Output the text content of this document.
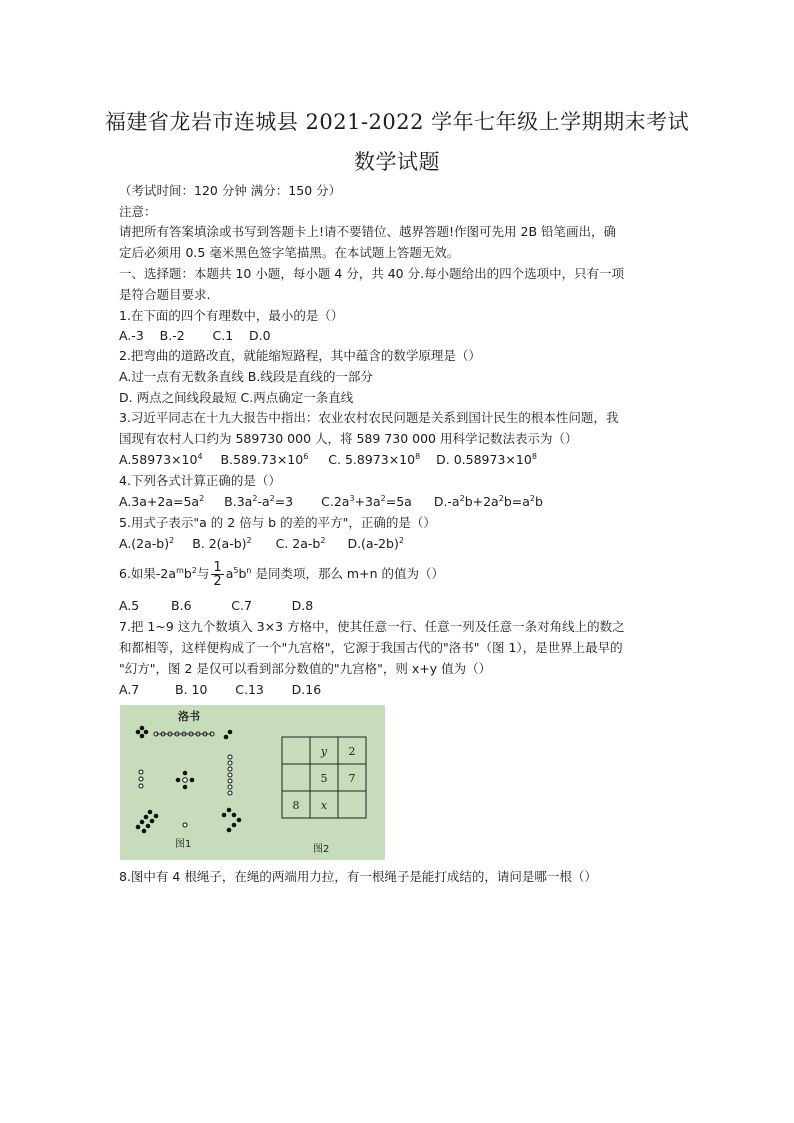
福建省龙岩市连城县 2021-2022 学年七年级上学期期末考试
数学试题
（考试时间：120 分钟 满分：150 分）
注意：
请把所有答案填涂或书写到答题卡上!请不要错位、越界答题!作图可先用 2B 铅笔画出，确
定后必须用 0.5 毫米黑色签字笔描黑。在本试题上答题无效。
一、选择题：本题共 10 小题，每小题 4 分，共 40 分.每小题给出的四个选项中，只有一项
是符合题目要求.
1.在下面的四个有理数中，最小的是（）
A.-3    B.-2       C.1    D.0
2.把弯曲的道路改直，就能缩短路程，其中蕴含的数学原理是（）
A.过一点有无数条直线 B.线段是直线的一部分
D. 两点之间线段最短 C.两点确定一条直线
3.习近平同志在十九大报告中指出：农业农村农民问题是关系到国计民生的根本性问题，我
国现有农村人口约为 589730 000 人，将 589 730 000 用科学记数法表示为（）
$A.58973\times 10^4$ $B.589.73\times 10^6$ C. $5.8973\times 10^8$ D. $0.58973\times 10^8$
4.下列各式计算正确的是（）
$A.3a+2a=5a^2$ $B.3a^2-a^2=3$ $C.2a^3+3a^2=5a$ $D.-a^2b+2a^2b=a^2b$
5.用式子表示"a 的 2 倍与 b 的差的平方"，正确的是（）
$A.(2a-b)^2$ B. $2(a-b)^2$ C. $2a-b^2$ $D.(a-2b)^2$
6.如果$-2a^mb^2$与 $\frac{1}{2} a^5b^n$ 是同类项，那么 m+n 的值为（）
A.5        B.6          C.7          D.8
7.把 1~9 这九个数填入 3×3 方格中，使其任意一行、任意一列及任意一条对角线上的数之
和都相等，这样便构成了一个"九宫格"，它源于我国古代的"洛书"（图 1），是世界上最早的
"幻方"，图 2 是仅可以看到部分数值的"九宫格"，则 x+y 值为（）
A.7         B. 10       C.13       D.16
洛书
图1
y 2
5 7
8 x
图2
8.图中有 4 根绳子，在绳的两端用力拉，有一根绳子是能打成结的，请问是哪一根（）
